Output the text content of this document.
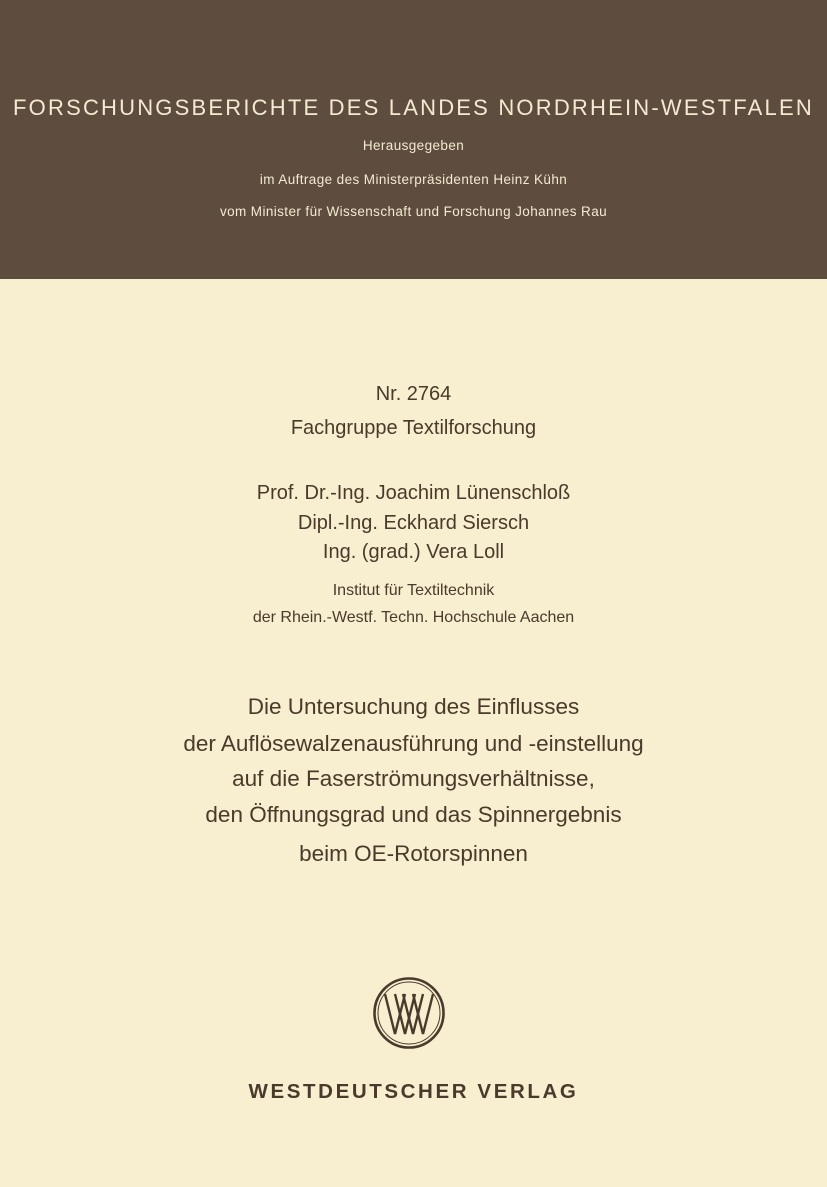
FORSCHUNGSBERICHTE DES LANDES NORDRHEIN-WESTFALEN
Herausgegeben
im Auftrage des Ministerpräsidenten Heinz Kühn
vom Minister für Wissenschaft und Forschung Johannes Rau
Nr. 2764
Fachgruppe Textilforschung
Prof. Dr.-Ing. Joachim Lünenschloß
Dipl.-Ing. Eckhard Siersch
Ing. (grad.) Vera Loll
Institut für Textiltechnik
der Rhein.-Westf. Techn. Hochschule Aachen
Die Untersuchung des Einflusses
der Auflösewalzenausführung und -einstellung
auf die Faserströmungsverhältnisse,
den Öffnungsgrad und das Spinnergebnis
beim OE-Rotorspinnen
WESTDEUTSCHER VERLAG
